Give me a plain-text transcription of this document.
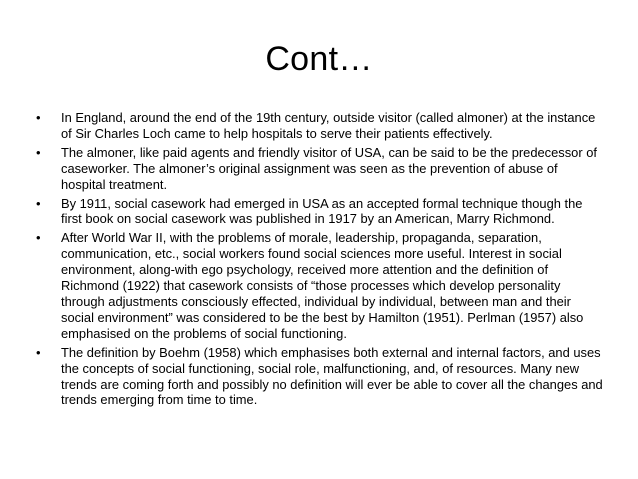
Cont…
• In England, around the end of the 19th century, outside visitor (called almoner) at the instance of Sir Charles Loch came to help hospitals to serve their patients effectively.
• The almoner, like paid agents and friendly visitor of USA, can be said to be the predecessor of caseworker. The almoner’s original assignment was seen as the prevention of abuse of hospital treatment.
• By 1911, social casework had emerged in USA as an accepted formal technique though the first book on social casework was published in 1917 by an American, Marry Richmond.
• After World War II, with the problems of morale, leadership, propaganda, separation, communication, etc., social workers found social sciences more useful. Interest in social environment, along-with ego psychology, received more attention and the definition of Richmond (1922) that casework consists of “those processes which develop personality through adjustments consciously effected, individual by individual, between man and their social environment” was considered to be the best by Hamilton (1951). Perlman (1957) also emphasised on the problems of social functioning.
• The definition by Boehm (1958) which emphasises both external and internal factors, and uses the concepts of social functioning, social role, malfunctioning, and, of resources. Many new trends are coming forth and possibly no definition will ever be able to cover all the changes and trends emerging from time to time.
